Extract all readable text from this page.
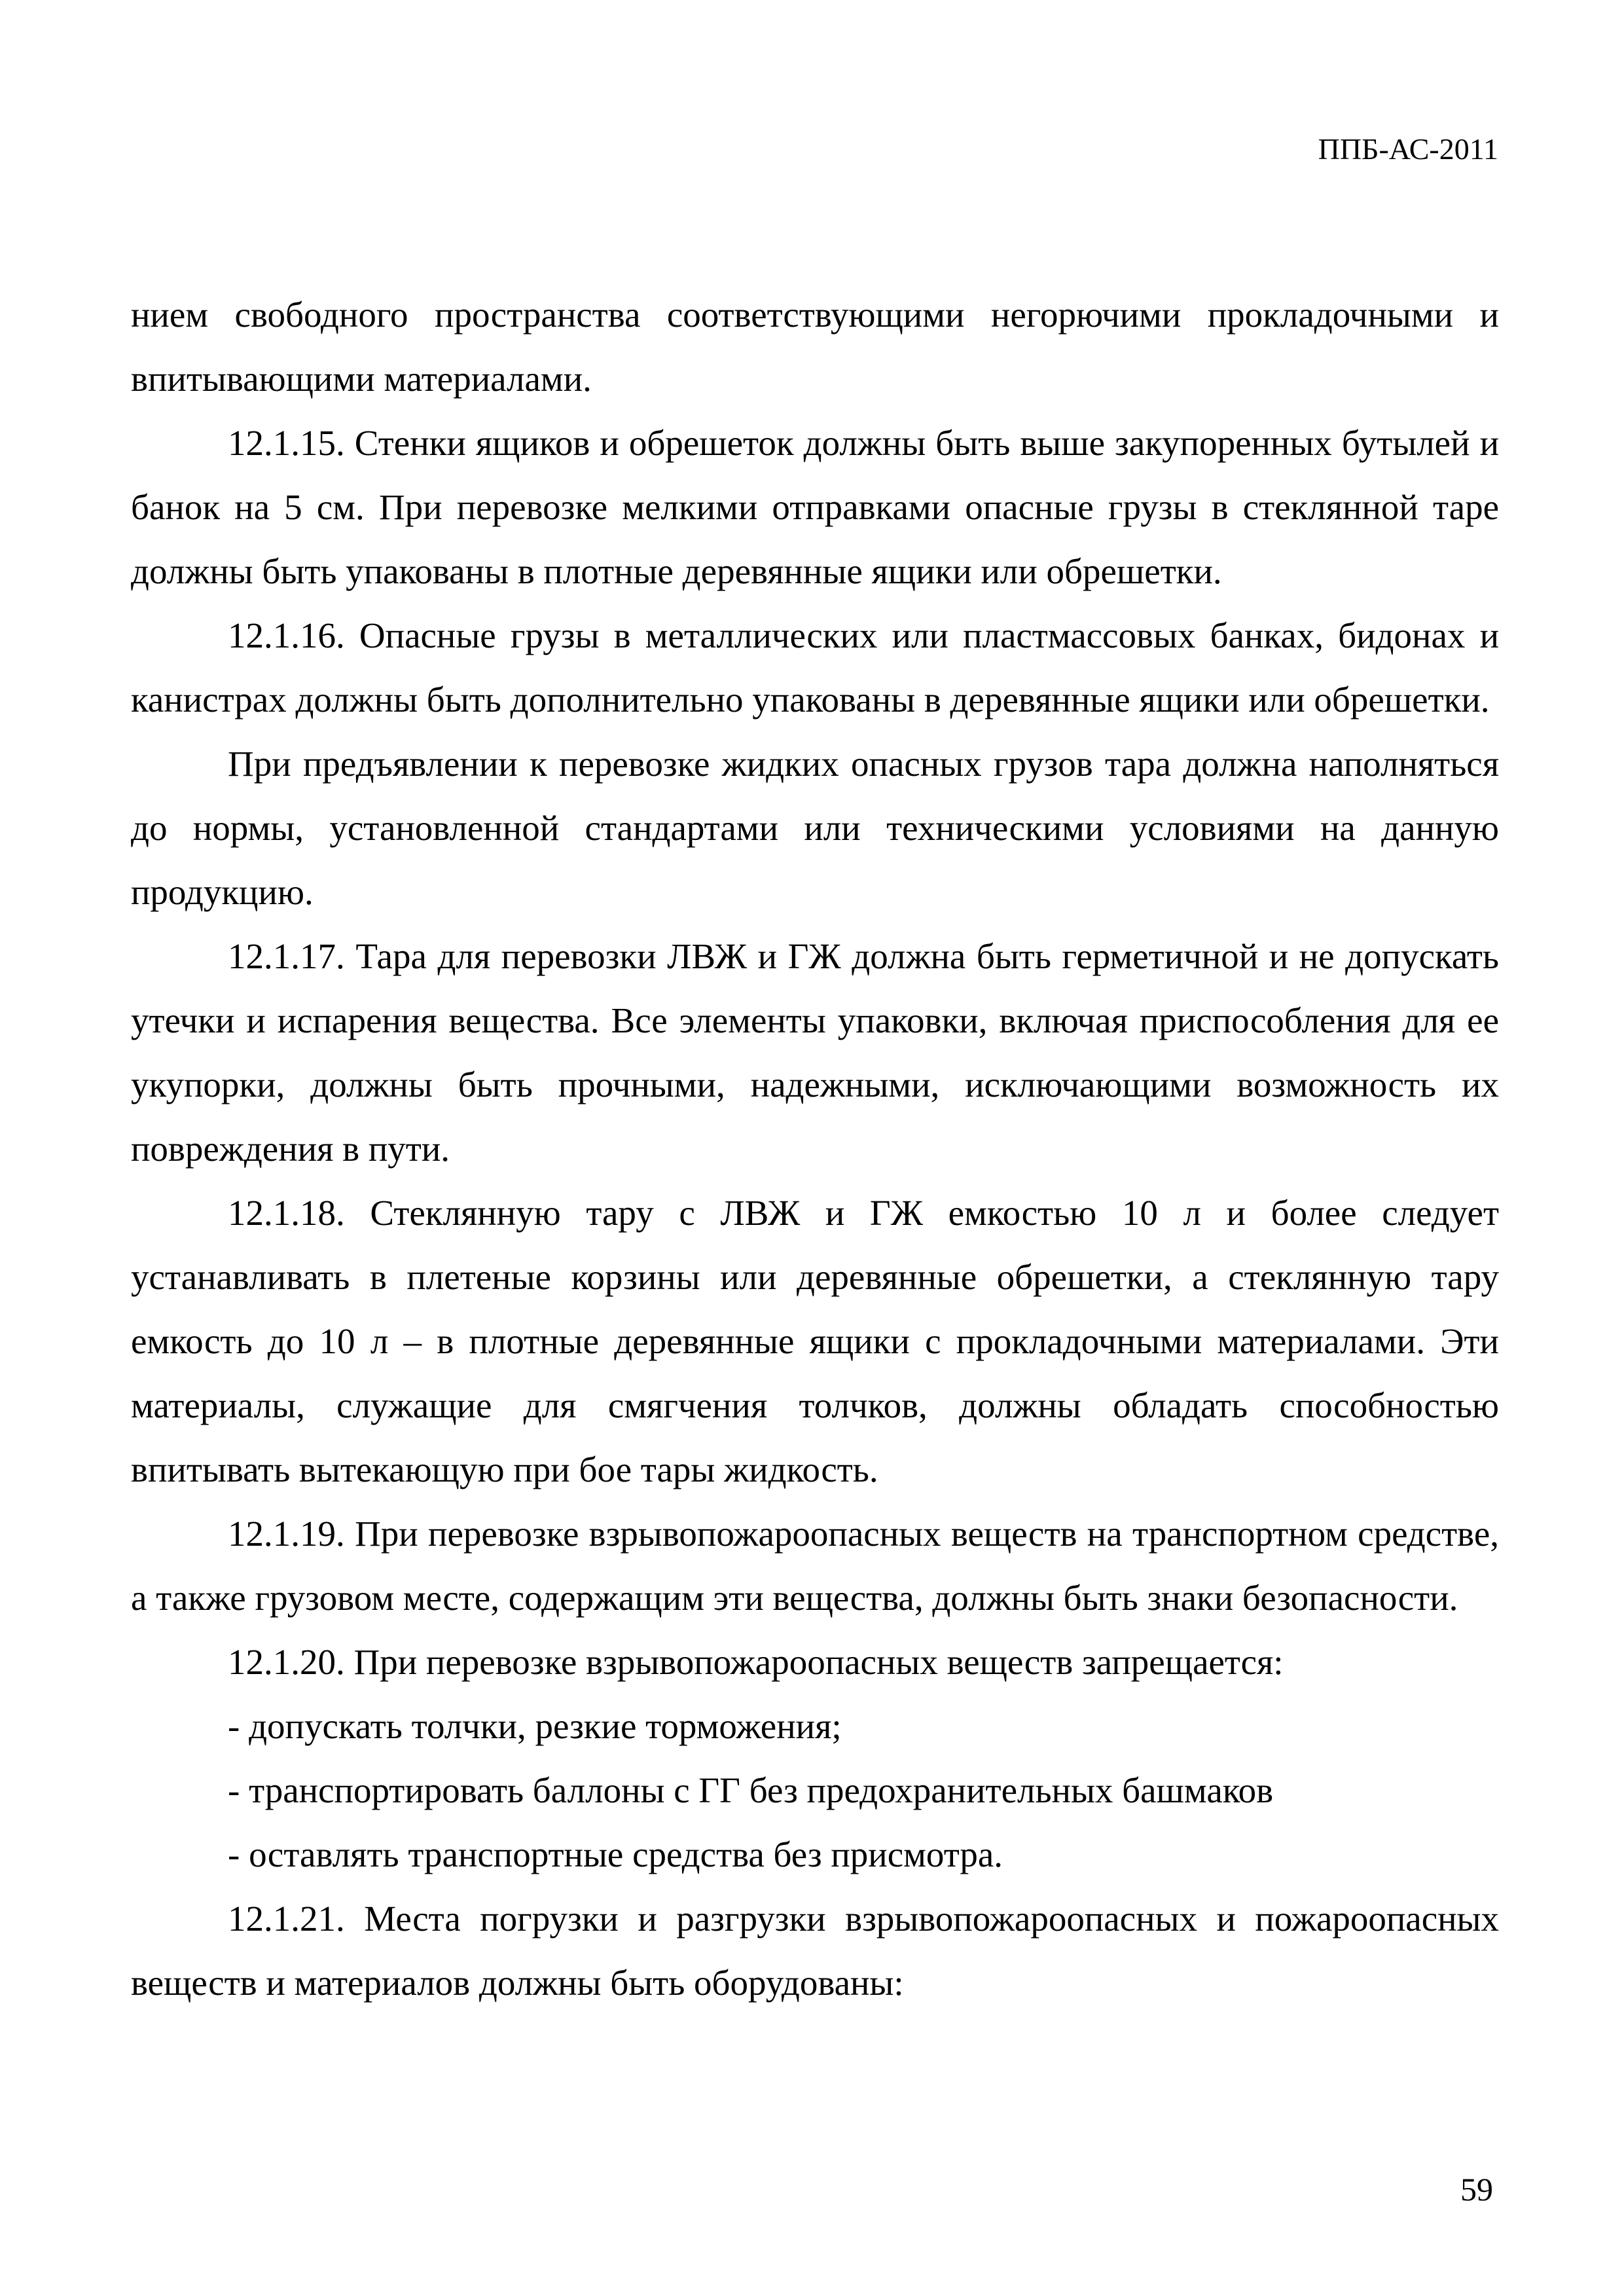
ППБ-АС-2011

нием свободного пространства соответствующими негорючими прокладочными и впитывающими материалами.

12.1.15. Стенки ящиков и обрешеток должны быть выше закупоренных бутылей и банок на 5 см. При перевозке мелкими отправками опасные грузы в стеклянной таре должны быть упакованы в плотные деревянные ящики или обрешетки.

12.1.16. Опасные грузы в металлических или пластмассовых банках, бидонах и канистрах должны быть дополнительно упакованы в деревянные ящики или обрешетки.

При предъявлении к перевозке жидких опасных грузов тара должна наполняться до нормы, установленной стандартами или техническими условиями на данную продукцию.

12.1.17. Тара для перевозки ЛВЖ и ГЖ должна быть герметичной и не допускать утечки и испарения вещества. Все элементы упаковки, включая приспособления для ее укупорки, должны быть прочными, надежными, исключающими возможность их повреждения в пути.

12.1.18. Стеклянную тару с ЛВЖ и ГЖ емкостью 10 л и более следует устанавливать в плетеные корзины или деревянные обрешетки, а стеклянную тару емкость до 10 л – в плотные деревянные ящики с прокладочными материалами. Эти материалы, служащие для смягчения толчков, должны обладать способностью впитывать вытекающую при бое тары жидкость.

12.1.19. При перевозке взрывопожароопасных веществ на транспортном средстве, а также грузовом месте, содержащим эти вещества, должны быть знаки безопасности.

12.1.20. При перевозке взрывопожароопасных веществ запрещается:

- допускать толчки, резкие торможения;

- транспортировать баллоны с ГГ без предохранительных башмаков

- оставлять транспортные средства без присмотра.

12.1.21. Места погрузки и разгрузки взрывопожароопасных и пожароопасных веществ и материалов должны быть оборудованы:

59
